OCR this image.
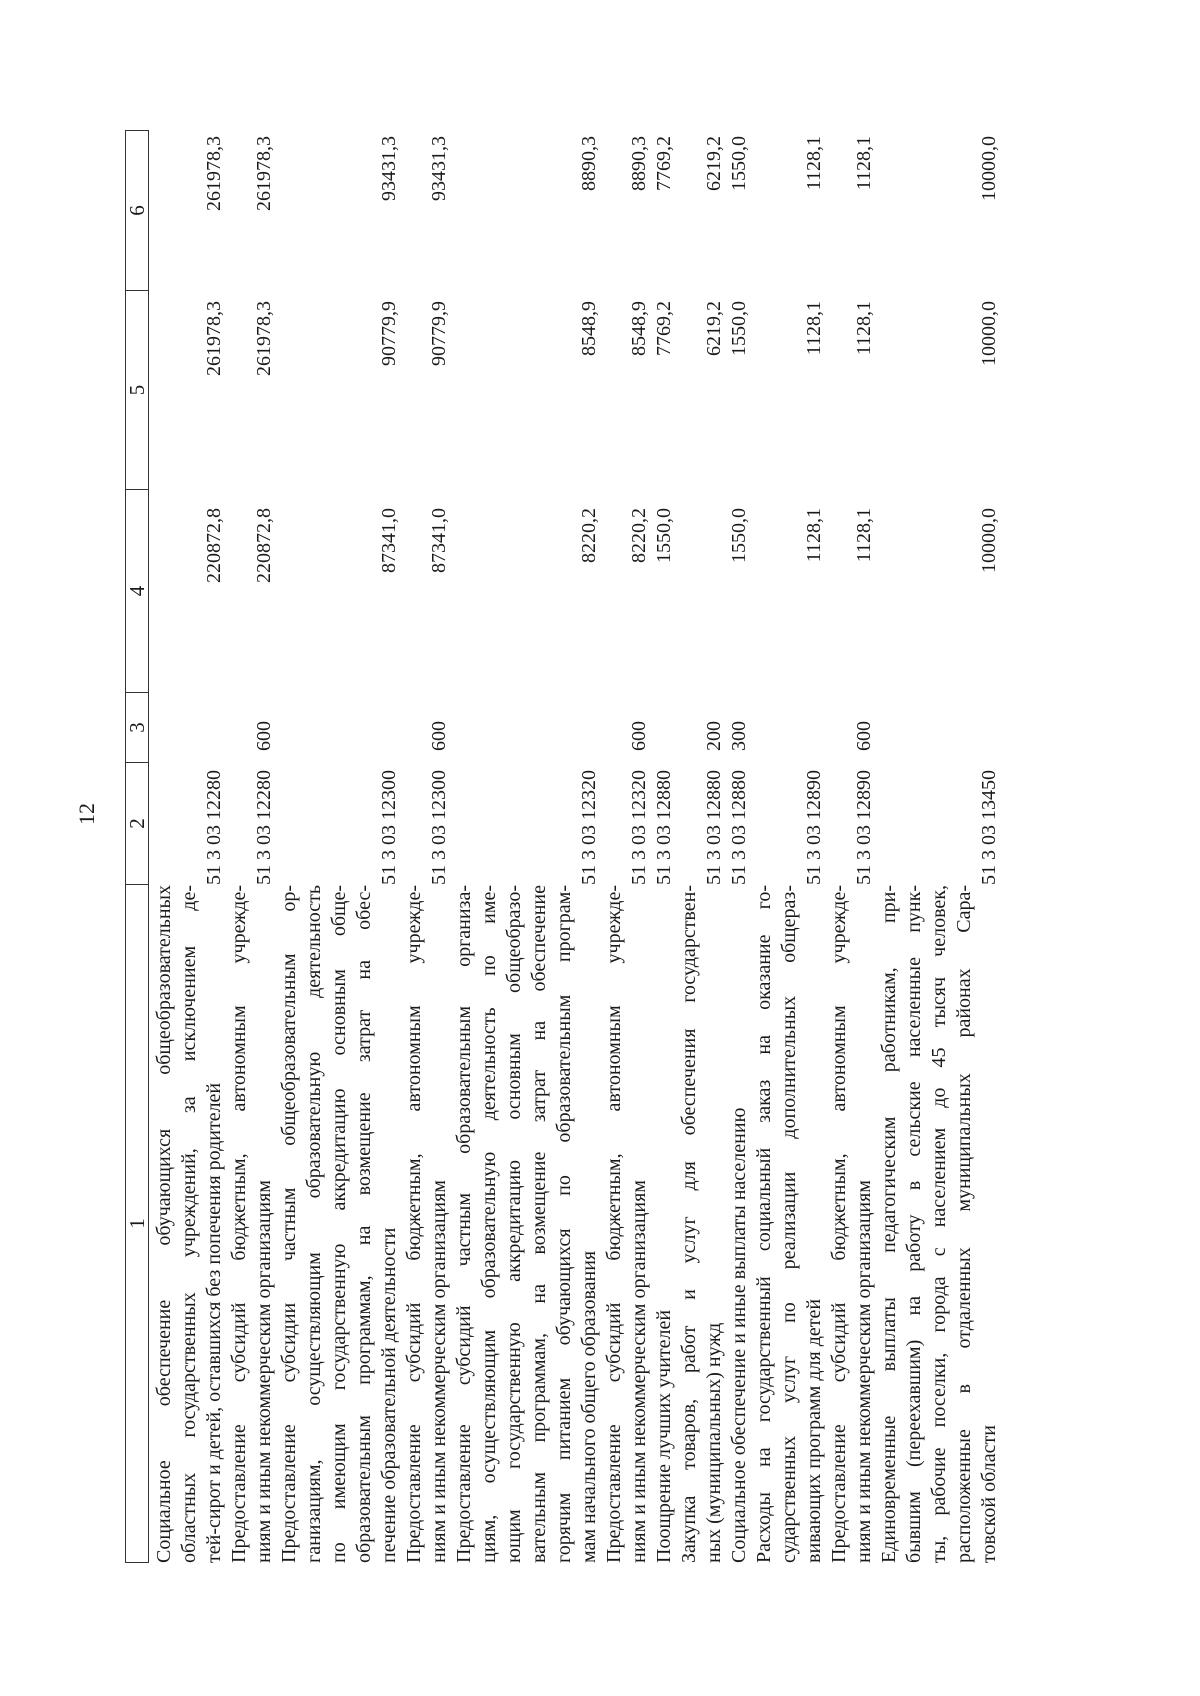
12
1
2
3
4
5
6
Социальное обеспечение обучающихся общеобразовательных областных государственных учреждений, за исключением де- тей-сирот и детей, оставшихся без попечения родителей
51 3 03 12280
220872,8
261978,3
261978,3
Предоставление субсидий бюджетным, автономным учрежде- ниям и иным некоммерческим организациям
51 3 03 12280
600
220872,8
261978,3
261978,3
Предоставление субсидии частным общеобразовательным ор- ганизациям, осуществляющим образовательную деятельность по имеющим государственную аккредитацию основным обще- образовательным программам, на возмещение затрат на обес- печение образовательной деятельности
51 3 03 12300
87341,0
90779,9
93431,3
Предоставление субсидий бюджетным, автономным учрежде- ниям и иным некоммерческим организациям
51 3 03 12300
600
87341,0
90779,9
93431,3
Предоставление субсидий частным образовательным организа- циям, осуществляющим образовательную деятельность по име- ющим государственную аккредитацию основным общеобразо- вательным программам, на возмещение затрат на обеспечение горячим питанием обучающихся по образовательным програм- мам начального общего образования
51 3 03 12320
8220,2
8548,9
8890,3
Предоставление субсидий бюджетным, автономным учрежде- ниям и иным некоммерческим организациям
51 3 03 12320
600
8220,2
8548,9
8890,3
Поощрение лучших учителей
51 3 03 12880
1550,0
7769,2
7769,2
Закупка товаров, работ и услуг для обеспечения государствен- ных (муниципальных) нужд
51 3 03 12880
200
6219,2
6219,2
Социальное обеспечение и иные выплаты населению
51 3 03 12880
300
1550,0
1550,0
1550,0
Расходы на государственный социальный заказ на оказание го- сударственных услуг по реализации дополнительных общераз- вивающих программ для детей
51 3 03 12890
1128,1
1128,1
1128,1
Предоставление субсидий бюджетным, автономным учрежде- ниям и иным некоммерческим организациям
51 3 03 12890
600
1128,1
1128,1
1128,1
Единовременные выплаты педагогическим работникам, при- бывшим (переехавшим) на работу в сельские населенные пунк- ты, рабочие поселки, города с населением до 45 тысяч человек, расположенные в отдаленных муниципальных районах Сара- товской области
51 3 03 13450
10000,0
10000,0
10000,0
